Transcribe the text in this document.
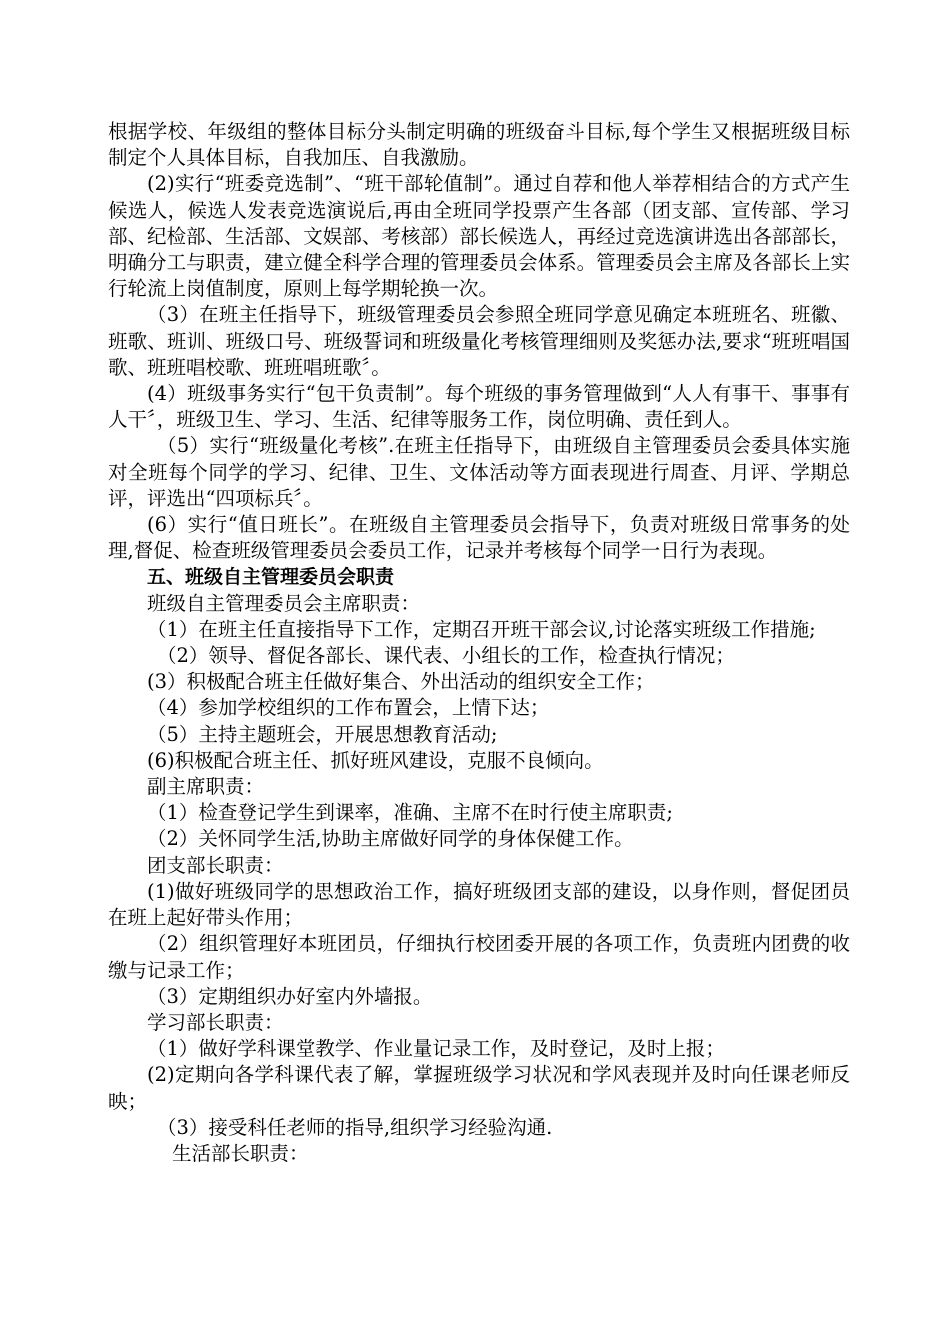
根据学校、年级组的整体目标分头制定明确的班级奋斗目标,每个学生又根据班级目标制定个人具体目标，自我加压、自我激励。

(2)实行“班委竞选制”、“班干部轮值制”。通过自荐和他人举荐相结合的方式产生候选人，候选人发表竞选演说后,再由全班同学投票产生各部（团支部、宣传部、学习部、纪检部、生活部、文娱部、考核部）部长候选人，再经过竞选演讲选出各部部长，明确分工与职责，建立健全科学合理的管理委员会体系。管理委员会主席及各部长上实行轮流上岗值制度，原则上每学期轮换一次。

（3）在班主任指导下，班级管理委员会参照全班同学意见确定本班班名、班徽、 班歌、班训、班级口号、班级誓词和班级量化考核管理细则及奖惩办法,要求“班班唱国歌、班班唱校歌、班班唱班歌〞。

(4）班级事务实行“包干负责制”。每个班级的事务管理做到“人人有事干、事事有人干〞，班级卫生、学习、生活、纪律等服务工作，岗位明确、责任到人。

（5）实行“班级量化考核”.在班主任指导下，由班级自主管理委员会委具体实施对全班每个同学的学习、纪律、卫生、文体活动等方面表现进行周查、月评、学期总评，评选出“四项标兵〞。

(6）实行“值日班长”。在班级自主管理委员会指导下，负责对班级日常事务的处理,督促、检查班级管理委员会委员工作，记录并考核每个同学一日行为表现。

五、班级自主管理委员会职责

班级自主管理委员会主席职责：

（1）在班主任直接指导下工作，定期召开班干部会议,讨论落实班级工作措施;

（2）领导、督促各部长、课代表、小组长的工作，检查执行情况；

(3）积极配合班主任做好集合、外出活动的组织安全工作；

（4）参加学校组织的工作布置会，上情下达；

（5）主持主题班会，开展思想教育活动;

(6)积极配合班主任、抓好班风建设，克服不良倾向。

副主席职责：

（1）检查登记学生到课率，准确、主席不在时行使主席职责;

（2）关怀同学生活,协助主席做好同学的身体保健工作。

团支部长职责：

(1)做好班级同学的思想政治工作，搞好班级团支部的建设，以身作则，督促团员在班上起好带头作用；

（2）组织管理好本班团员，仔细执行校团委开展的各项工作，负责班内团费的收缴与记录工作；

（3）定期组织办好室内外墙报。

学习部长职责：

（1）做好学科课堂教学、作业量记录工作，及时登记，及时上报；

(2)定期向各学科课代表了解，掌握班级学习状况和学风表现并及时向任课老师反映；

（3）接受科任老师的指导,组织学习经验沟通.

生活部长职责：
